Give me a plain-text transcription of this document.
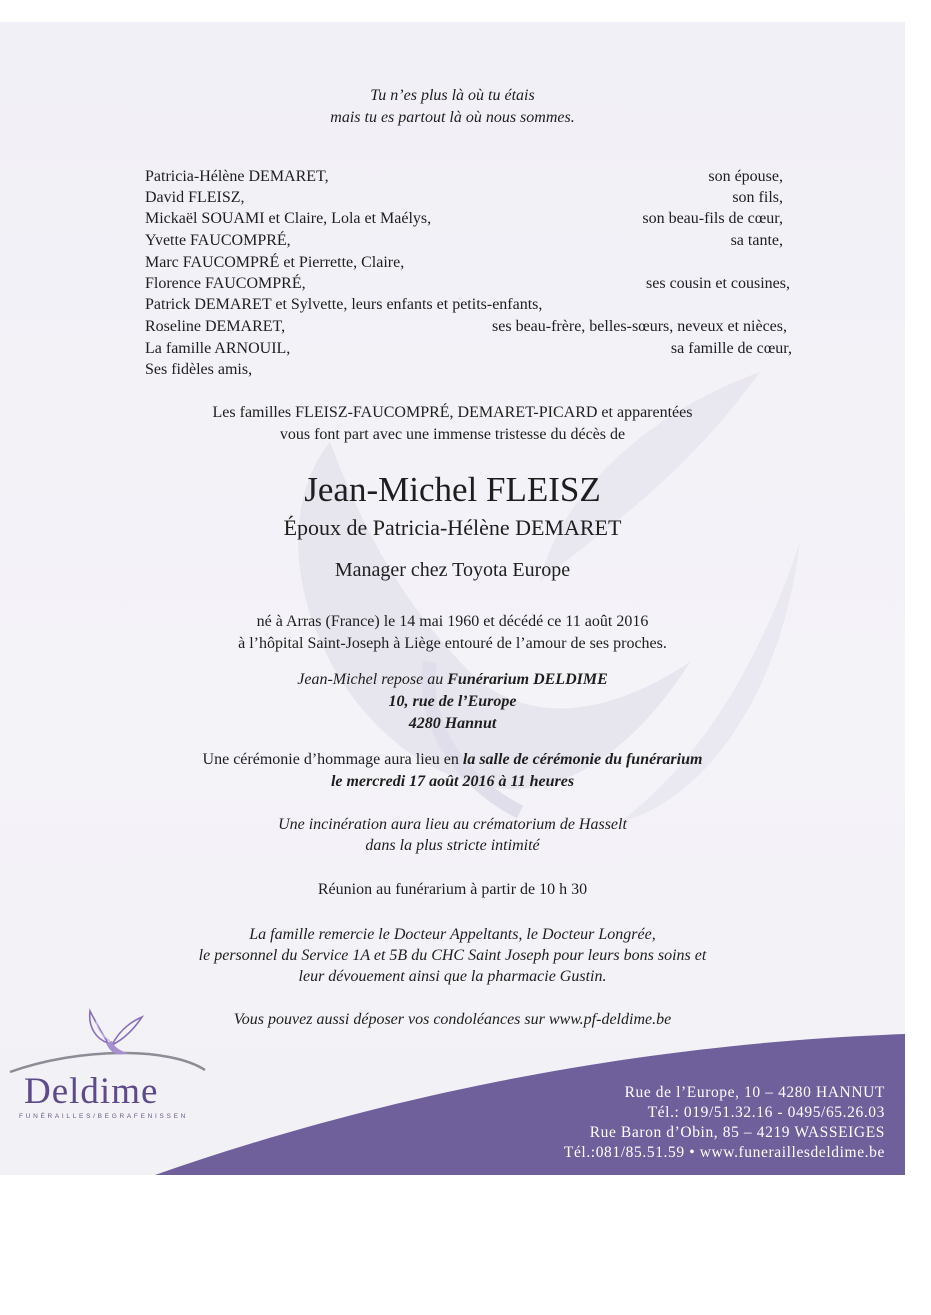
Tu n’es plus là où tu étais
mais tu es partout là où nous sommes.
Patricia-Hélène DEMARET,	son épouse,
David FLEISZ,	son fils,
Mickaël SOUAMI et Claire, Lola et Maélys,	son beau-fils de cœur,
Yvette FAUCOMPRÉ,	sa tante,
Marc FAUCOMPRÉ et Pierrette, Claire,
Florence FAUCOMPRÉ,	ses cousin et cousines,
Patrick DEMARET et Sylvette, leurs enfants et petits-enfants,
Roseline DEMARET,	ses beau-frère, belles-sœurs, neveux et nièces,
La famille ARNOUIL,	sa famille de cœur,
Ses fidèles amis,
Les familles FLEISZ-FAUCOMPRÉ, DEMARET-PICARD et apparentées
vous font part avec une immense tristesse du décès de
Jean-Michel FLEISZ
Époux de Patricia-Hélène DEMARET
Manager chez Toyota Europe
né à Arras (France) le 14 mai 1960 et décédé ce 11 août 2016
à l’hôpital Saint-Joseph à Liège entouré de l’amour de ses proches.
Jean-Michel repose au Funérarium DELDIME
10, rue de l’Europe
4280 Hannut
Une cérémonie d’hommage aura lieu en la salle de cérémonie du funérarium
le mercredi 17 août 2016 à 11 heures
Une incinération aura lieu au crématorium de Hasselt
dans la plus stricte intimité
Réunion au funérarium à partir de 10 h 30
La famille remercie le Docteur Appeltants, le Docteur Longrée,
le personnel du Service 1A et 5B du CHC Saint Joseph pour leurs bons soins et
leur dévouement ainsi que la pharmacie Gustin.
Vous pouvez aussi déposer vos condoléances sur www.pf-deldime.be
Deldime
FUNÉRAILLES/BEGRAFENISSEN
Rue de l’Europe, 10 – 4280 HANNUT
Tél.: 019/51.32.16 - 0495/65.26.03
Rue Baron d’Obin, 85 – 4219 WASSEIGES
Tél.:081/85.51.59 • www.funeraillesdeldime.be
